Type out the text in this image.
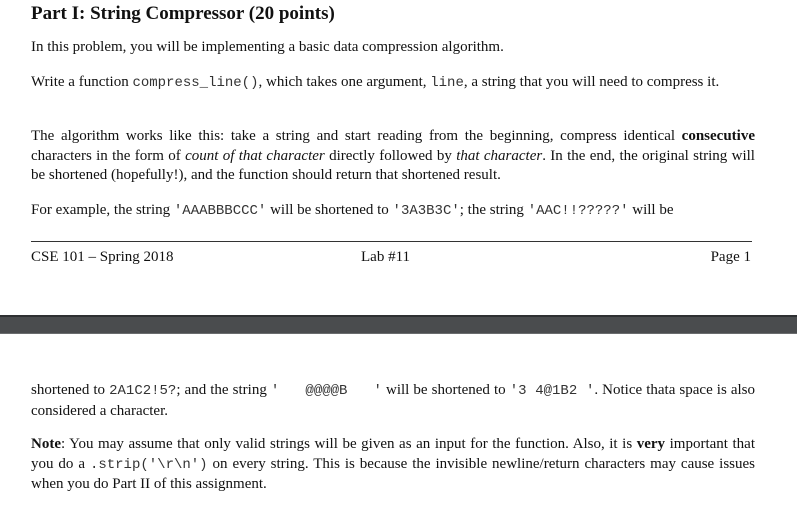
Part I: String Compressor (20 points)

In this problem, you will be implementing a basic data compression algorithm.

Write a function compress_line(), which takes one argument, line, a string that you will need to compress it.

The algorithm works like this: take a string and start reading from the beginning, compress identical consecutive characters in the form of count of that character directly followed by that character. In the end, the original string will be shortened (hopefully!), and the function should return that shortened result.

For example, the string 'AAABBBCCC' will be shortened to '3A3B3C'; the string 'AAC!!?????' will be

CSE 101 – Spring 2018	Lab #11	Page 1

shortened to 2A1C2!5?; and the string '   @@@@B   ' will be shortened to '3 4@1B2 '. Notice thata space is also considered a character.

Note: You may assume that only valid strings will be given as an input for the function. Also, it is very important that you do a .strip('\r\n') on every string. This is because the invisible newline/return characters may cause issues when you do Part II of this assignment.
